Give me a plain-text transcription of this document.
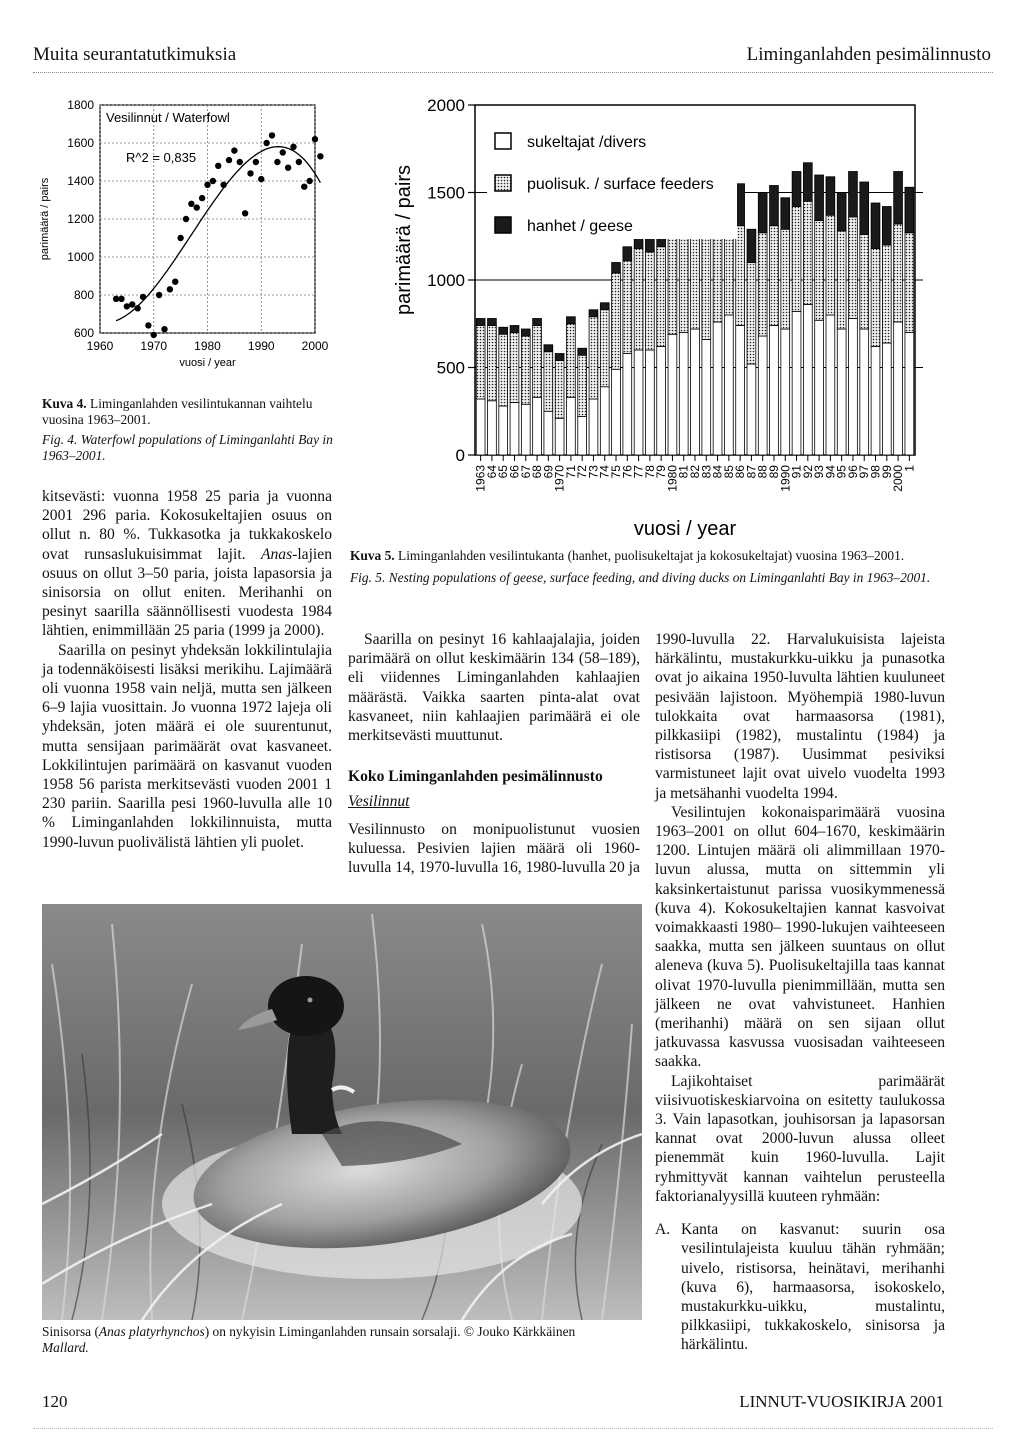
Muita seurantatutkimuksia	Liminganlahden pesimälinnusto
600
800
1000
1200
1400
1600
1800
1960 1970 1980 1990 2000
vuosi / year
parimäärä / pairs
Vesilinnut / Waterfowl
R^2 = 0,835
Kuva 4. Liminganlahden vesilintukannan vaihtelu vuosina 1963–2001.
Fig. 4. Waterfowl populations of Liminganlahti Bay in 1963–2001.	0
500
1000
1500
2000
parimäärä / pairs
1963
64
65
66
67
68
69
1970
71
72
73
74
75
76
77
78
79
1980
81
82
83
84
85
86
87
88
89
1990
91
92
93
94
95
96
97
98
99
2000
1
vuosi / year
sukeltajat /divers
puolisuk. / surface feeders
hanhet / geese
Kuva 5. Liminganlahden vesilintukanta (hanhet, puolisukeltajat ja kokosukeltajat) vuosina 1963–2001.
Fig. 5. Nesting populations of geese, surface feeding, and diving ducks on Liminganlahti Bay in 1963–2001.

kitsevästi: vuonna 1958 25 paria ja vuonna 2001 296 paria. Kokosukeltajien osuus on ollut n. 80 %. Tukkasotka ja tukkakoskelo ovat runsaslukuisimmat lajit. Anas-lajien osuus on ollut 3–50 paria, joista lapasorsia ja sinisorsia on ollut eniten. Merihanhi on pesinyt saarilla säännöllisesti vuodesta 1984 lähtien, enimmillään 25 paria (1999 ja 2000).

Saarilla on pesinyt yhdeksän lokkilintulajia ja todennäköisesti lisäksi merikihu. Lajimäärä oli vuonna 1958 vain neljä, mutta sen jälkeen 6–9 lajia vuosittain. Jo vuonna 1972 lajeja oli yhdeksän, joten määrä ei ole suurentunut, mutta sensijaan parimäärät ovat kasvaneet. Lokkilintujen parimäärä on kasvanut vuoden 1958 56 parista merkitsevästi vuoden 2001 1 230 pariin. Saarilla pesi 1960-luvulla alle 10 % Liminganlahden lokkilinnuista, mutta 1990-luvun puolivälistä lähtien yli puolet.

Saarilla on pesinyt 16 kahlaajalajia, joiden parimäärä on ollut keskimäärin 134 (58–189), eli viidennes Liminganlahden kahlaajien määrästä. Vaikka saarten pinta-alat ovat kasvaneet, niin kahlaajien parimäärä ei ole merkitsevästi muuttunut.

Koko Liminganlahden pesimälinnusto
Vesilinnut

Vesilinnusto on monipuolistunut vuosien kuluessa. Pesivien lajien määrä oli 1960-luvulla 14, 1970-luvulla 16, 1980-luvulla 20 ja

1990-luvulla 22. Harvalukuisista lajeista härkälintu, mustakurkku-uikku ja punasotka ovat jo aikaina 1950-luvulta lähtien kuuluneet pesivään lajistoon. Myöhempiä 1980-luvun tulokkaita ovat harmaasorsa (1981), pilkkasiipi (1982), mustalintu (1984) ja ristisorsa (1987). Uusimmat pesiviksi varmistuneet lajit ovat uivelo vuodelta 1993 ja metsähanhi vuodelta 1994.

Vesilintujen kokonaisparimäärä vuosina 1963–2001 on ollut 604–1670, keskimäärin 1200. Lintujen määrä oli alimmillaan 1970-luvun alussa, mutta on sittemmin yli kaksinkertaistunut parissa vuosikymmenessä (kuva 4). Kokosukeltajien kannat kasvoivat voimakkaasti 1980– 1990-lukujen vaihteeseen saakka, mutta sen jälkeen suuntaus on ollut aleneva (kuva 5). Puolisukeltajilla taas kannat olivat 1970-luvulla pienimmillään, mutta sen jälkeen ne ovat vahvistuneet. Hanhien (merihanhi) määrä on sen sijaan ollut jatkuvassa kasvussa vuosisadan vaihteeseen saakka.

Lajikohtaiset parimäärät viisivuotiskeskiarvoina on esitetty taulukossa 3. Vain lapasotkan, jouhisorsan ja lapasorsan kannat ovat 2000-luvun alussa olleet pienemmät kuin 1960-luvulla. Lajit ryhmittyvät kannan vaihtelun perusteella faktorianalyysillä kuuteen ryhmään:

A. Kanta on kasvanut: suurin osa vesilintulajeista kuuluu tähän ryhmään; uivelo, ristisorsa, heinätavi, merihanhi (kuva 6), harmaasorsa, isokoskelo, mustakurkku-uikku, mustalintu, pilkkasiipi, tukkakoskelo, sinisorsa ja härkälintu.
Sinisorsa (Anas platyrhynchos) on nykyisin Liminganlahden runsain sorsalaji. © Jouko Kärkkäinen
Mallard.
120	LINNUT-VUOSIKIRJA 2001
